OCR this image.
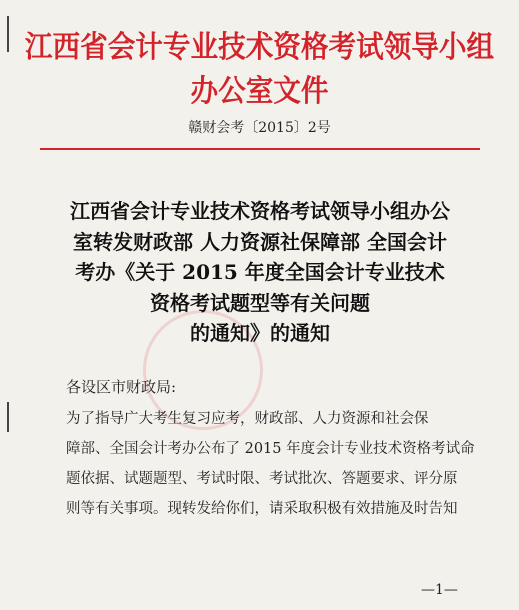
江西省会计专业技术资格考试领导小组办公室文件
赣财会考〔2015〕2号
江西省会计专业技术资格考试领导小组办公
室转发财政部 人力资源社保障部 全国会计
考办《关于 2015 年度全国会计专业技术
资格考试题型等有关问题
的通知》的通知
各设区市财政局:
为了指导广大考生复习应考，财政部、人力资源和社会保
障部、全国会计考办公布了 2015 年度会计专业技术资格考试命
题依据、试题题型、考试时限、考试批次、答题要求、评分原
则等有关事项。现转发给你们，请采取积极有效措施及时告知
—1—
